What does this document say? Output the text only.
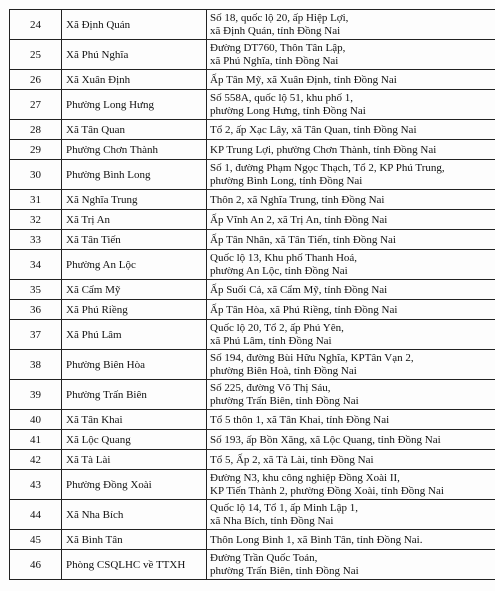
24	Xã Định Quán	Số 18, quốc lộ 20, ấp Hiệp Lợi,
xã Định Quán, tỉnh Đồng Nai

25	Xã Phú Nghĩa	Đường DT760, Thôn Tân Lập,
xã Phú Nghĩa, tỉnh Đồng Nai

26	Xã Xuân Định	Ấp Tân Mỹ, xã Xuân Định, tỉnh Đồng Nai

27	Phường Long Hưng	Số 558A, quốc lộ 51, khu phố 1,
phường Long Hưng, tỉnh Đồng Nai

28	Xã Tân Quan	Tổ 2, ấp Xạc Lây, xã Tân Quan, tỉnh Đồng Nai

29	Phường Chơn Thành	KP Trung Lợi, phường Chơn Thành, tỉnh Đồng Nai

30	Phường Bình Long	Số 1, đường Phạm Ngọc Thạch, Tổ 2, KP Phú Trung,
phường Bình Long, tỉnh Đồng Nai

31	Xã Nghĩa Trung	Thôn 2, xã Nghĩa Trung, tỉnh Đồng Nai

32	Xã Trị An	Ấp Vĩnh An 2, xã Trị An, tỉnh Đồng Nai

33	Xã Tân Tiến	Ấp Tân Nhân, xã Tân Tiến, tỉnh Đồng Nai

34	Phường An Lộc	Quốc lộ 13, Khu phố Thanh Hoá,
phường An Lộc, tỉnh Đồng Nai

35	Xã Cẩm Mỹ	Ấp Suối Cả, xã Cẩm Mỹ, tỉnh Đồng Nai

36	Xã Phú Riềng	Ấp Tân Hòa, xã Phú Riềng, tỉnh Đồng Nai

37	Xã Phú Lâm	Quốc lộ 20, Tổ 2, ấp Phú Yên,
xã Phú Lâm, tỉnh Đồng Nai

38	Phường Biên Hòa	Số 194, đường Bùi Hữu Nghĩa, KPTân Vạn 2,
phường Biên Hoà, tỉnh Đồng Nai

39	Phường Trấn Biên	Số 225, đường Võ Thị Sáu,
phường Trấn Biên, tỉnh Đồng Nai

40	Xã Tân Khai	Tổ 5 thôn 1, xã Tân Khai, tỉnh Đồng Nai

41	Xã Lộc Quang	Số 193, ấp Bồn Xăng, xã Lộc Quang, tỉnh Đồng Nai

42	Xã Tà Lài	Tổ 5, Ấp 2, xã Tà Lài, tỉnh Đồng Nai

43	Phường Đồng Xoài	Đường N3, khu công nghiệp Đồng Xoài II,
KP Tiến Thành 2, phường Đồng Xoài, tỉnh Đồng Nai

44	Xã Nha Bích	Quốc lộ 14, Tổ 1, ấp Minh Lập 1,
xã Nha Bích, tỉnh Đồng Nai

45	Xã Bình Tân	Thôn Long Bình 1, xã Bình Tân, tỉnh Đồng Nai.

46	Phòng CSQLHC về TTXH	Đường Trần Quốc Toản,
phường Trấn Biên, tỉnh Đồng Nai
